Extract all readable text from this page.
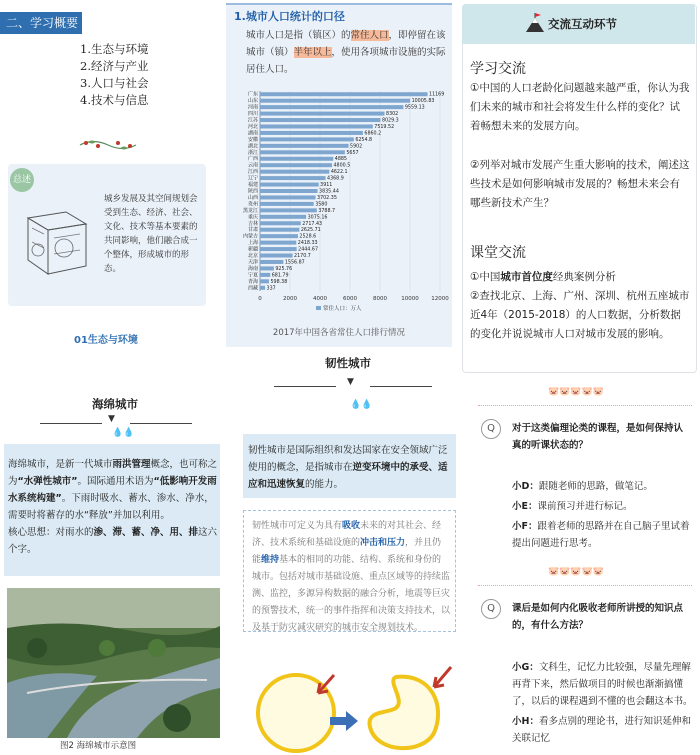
二、学习概要
1.生态与环境
2.经济与产业
3.人口与社会
4.技术与信息
总述
城乡发展及其空间规划会受到生态、经济、社会、文化、技术等基本要素的共同影响，他们融合成一个整体，形成城市的形态。
01生态与环境
1.城市人口统计的口径
城市人口是指（镇区）的常住人口，即停留在该城市（镇）半年以上，使用各项城市设施的实际居住人口。
0	2000	4000	6000	8000	10000 12000
广东	11169
山东	10005.83
河南	9559.13
四川	8302
江苏	8029.3
河北	7519.52
湖南	6860.2
安徽	6254.8
湖北	5902
浙江	5657
广西	4885
云南	4800.5
江西	4622.1
辽宁	4368.9
福建	3911
陕西	3835.44
山西	3702.35
贵州	3580
黑龙江	3788.7
重庆	3075.16
吉林	2717.43
甘肃	2625.71
内蒙古	2528.6
上海	2418.33
新疆	2444.67
北京	2170.7
天津	1556.87
海南	925.76
宁夏	681.79
青海	598.38
西藏 337
常住人口：万人
2017年中国各省常住人口排行情况
交流互动环节
学习交流
①中国的人口老龄化问题越来越严重，你认为我们未来的城市和社会将发生什么样的变化？试着畅想未来的发展方向。
②列举对城市发展产生重大影响的技术，阐述这些技术是如何影响城市发展的？畅想未来会有哪些新技术产生？
课堂交流
①中国城市首位度经典案例分析
②查找北京、上海、广州、深圳、杭州五座城市近4年（2015-2018）的人口数据，分析数据的变化并说说城市人口对城市发展的影响。
海绵城市
▼
💧💧
海绵城市，是新一代城市雨洪管理概念，也可称之为“水弹性城市”。国际通用术语为“低影响开发雨水系统构建”。下雨时吸水、蓄水、渗水、净水，需要时将蓄存的水“释放”并加以利用。
核心思想：对雨水的渗、滞、蓄、净、用、排这六个字。
图2 海绵城市示意图
韧性城市
▼
💧💧
韧性城市是国际组织和发达国家在安全领域广泛使用的概念，是指城市在逆变环境中的承受、适应和迅速恢复的能力。
韧性城市可定义为具有吸收未来的对其社会、经济、技术系统和基础设施的冲击和压力，并且仍能维持基本的相同的功能、结构、系统和身份的城市。包括对城市基础设施、重点区域等的持续监测、监控，多源异构数据的融合分析，地震等巨灾的预警技术，统一的事件指挥和决策支持技术，以及基于防灾减灾研究的城市安全规划技术。
🐷🐷🐷🐷🐷
Q	对于这类偏理论类的课程，是如何保持认真的听课状态的？
小D：跟随老师的思路，做笔记。
小E：课前预习并进行标记。
小F：跟着老师的思路并在自己脑子里试着提出问题进行思考。
🐷🐷🐷🐷🐷
Q	课后是如何内化吸收老师所讲授的知识点的，有什么方法？
小G：文科生，记忆力比较强，尽量先理解再背下来，然后做项目的时候也渐渐搞懂了，以后的课程遇到不懂的也会翻这本书。
小H：看多点别的理论书，进行知识延伸和关联记忆
